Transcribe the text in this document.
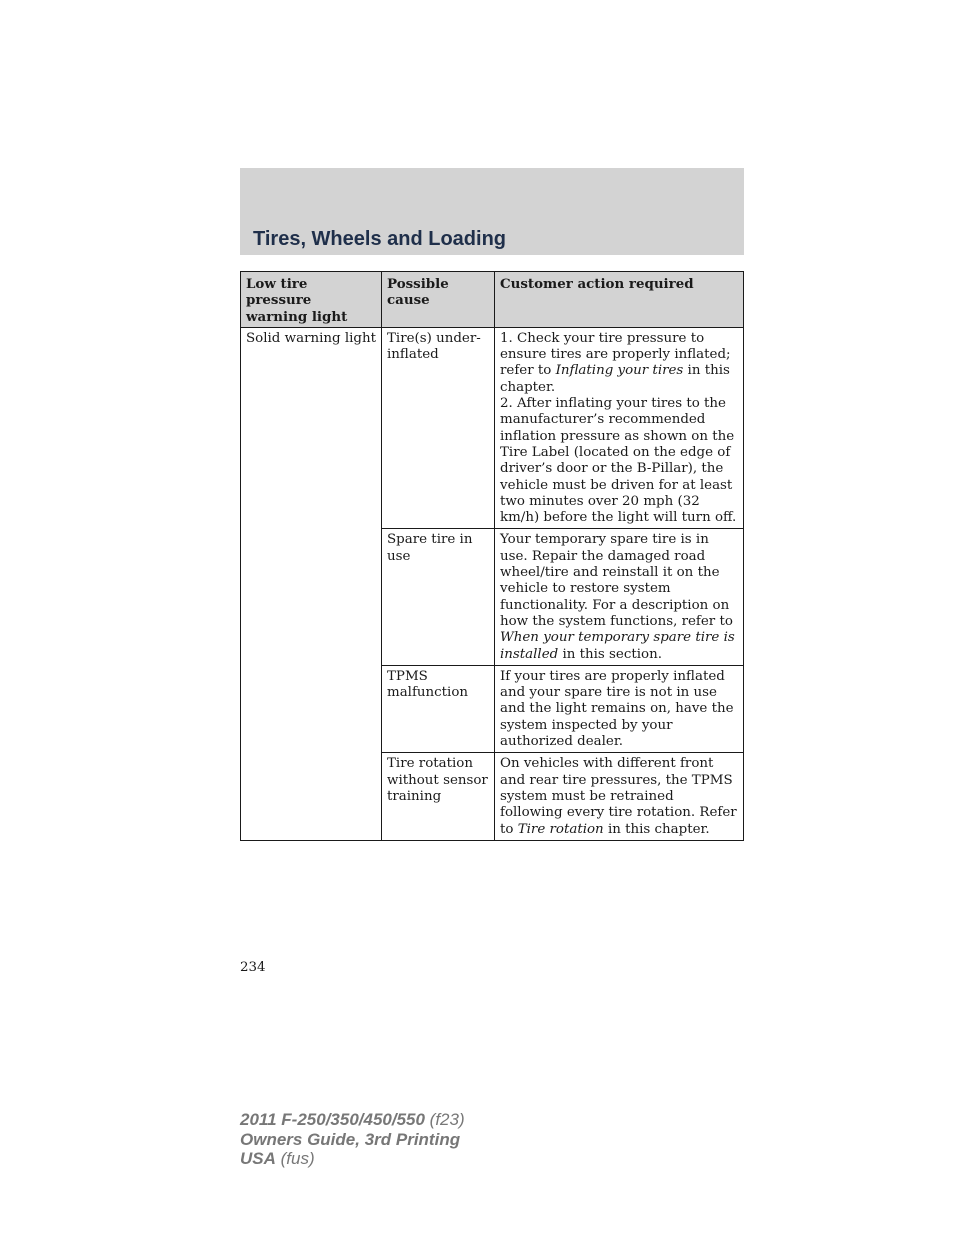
Tires, Wheels and Loading
Low tire pressure warning light	Possible cause	Customer action required
Solid warning light	Tire(s) under-inflated	1. Check your tire pressure to ensure tires are properly inflated; refer to Inflating your tires in this chapter.
2. After inflating your tires to the manufacturer’s recommended inflation pressure as shown on the Tire Label (located on the edge of driver’s door or the B-Pillar), the vehicle must be driven for at least two minutes over 20 mph (32 km/h) before the light will turn off.
	Spare tire in use	Your temporary spare tire is in use. Repair the damaged road wheel/tire and reinstall it on the vehicle to restore system functionality. For a description on how the system functions, refer to When your temporary spare tire is installed in this section.
	TPMS malfunction	If your tires are properly inflated and your spare tire is not in use and the light remains on, have the system inspected by your authorized dealer.
	Tire rotation without sensor training	On vehicles with different front and rear tire pressures, the TPMS system must be retrained following every tire rotation. Refer to Tire rotation in this chapter.
234
2011 F-250/350/450/550 (f23)
Owners Guide, 3rd Printing
USA (fus)
